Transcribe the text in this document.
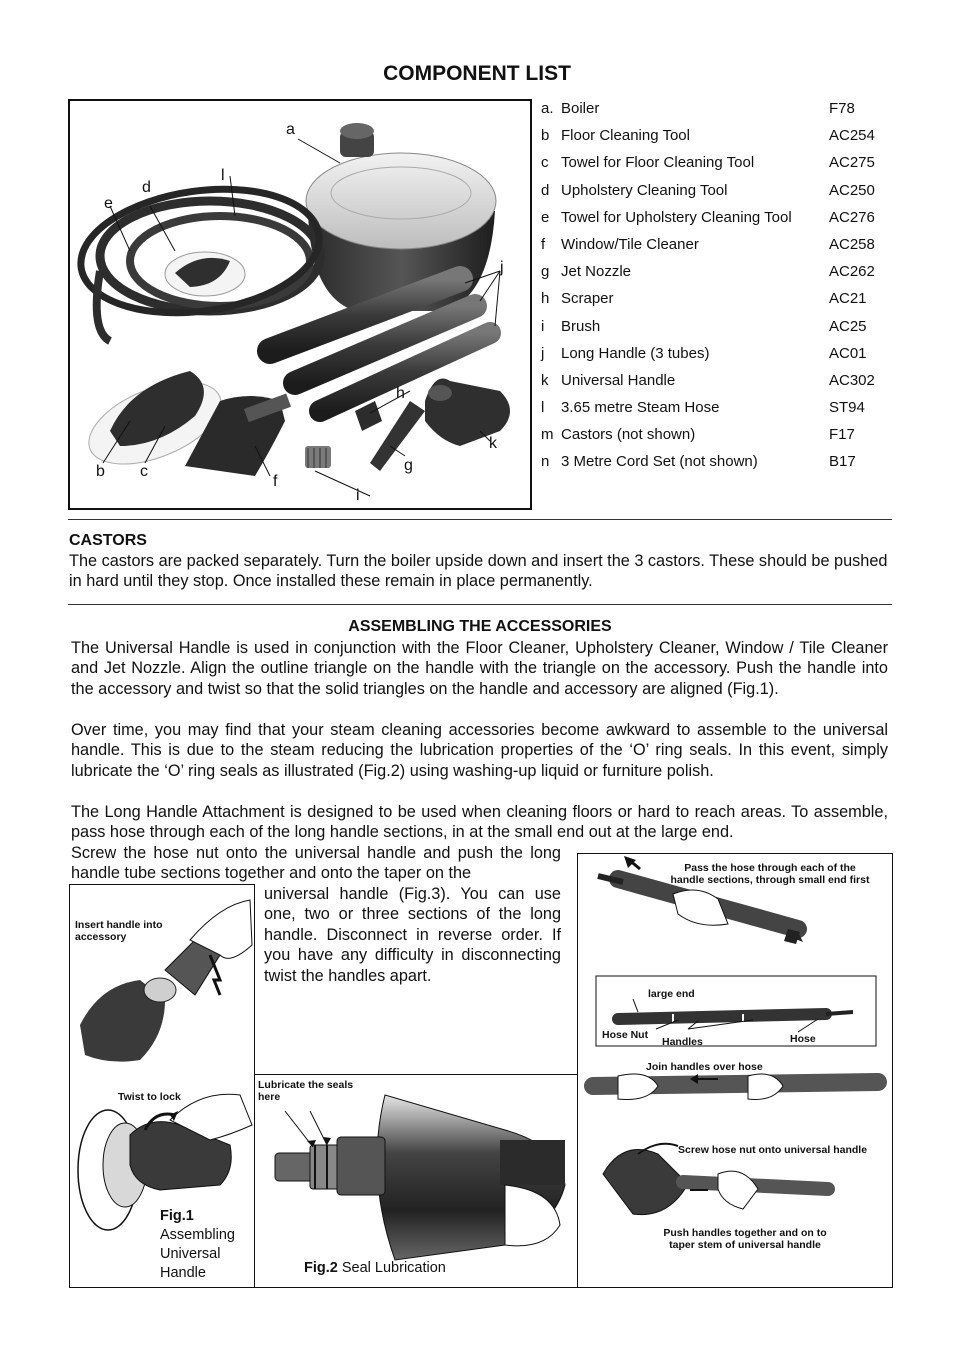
COMPONENT LIST
a
b c
d
e
f
g
h
i
j
k
l
a. Boiler	F78
b Floor Cleaning Tool	AC254
c Towel for Floor Cleaning Tool	AC275
d Upholstery Cleaning Tool	AC250
e Towel for Upholstery Cleaning Tool AC276
f Window/Tile Cleaner	AC258
g Jet Nozzle	AC262
h Scraper	AC21
i Brush	AC25
j Long Handle (3 tubes)	AC01
k Universal Handle	AC302
l 3.65 metre Steam Hose	ST94
m Castors (not shown)	F17
n 3 Metre Cord Set (not shown)	B17
CASTORS
The castors are packed separately. Turn the boiler upside down and insert the 3 castors. These should be pushed in hard until they stop. Once installed these remain in place permanently.
ASSEMBLING THE ACCESSORIES
The Universal Handle is used in conjunction with the Floor Cleaner, Upholstery Cleaner, Window / Tile Cleaner and Jet Nozzle. Align the outline triangle on the handle with the triangle on the accessory. Push the handle into the accessory and twist so that the solid triangles on the handle and accessory are aligned (Fig.1).
Over time, you may find that your steam cleaning accessories become awkward to assemble to the universal handle. This is due to the steam reducing the lubrication properties of the ‘O’ ring seals. In this event, simply lubricate the ‘O’ ring seals as illustrated (Fig.2) using washing-up liquid or furniture polish.
The Long Handle Attachment is designed to be used when cleaning floors or hard to reach areas. To assemble, pass hose through each of the long handle sections, in at the small end out at the large end.
Screw the hose nut onto the universal handle and push the long handle tube sections together and onto the taper on the
universal handle (Fig.3). You can use one, two or three sections of the long handle. Disconnect in reverse order. If you have any difficulty in disconnecting twist the handles apart.
Insert handle into accessory
Twist to lock
Fig.1
Assembling Universal Handle
Lubricate the seals here
Fig.2 Seal Lubrication
Pass the hose through each of the handle sections, through small end first
large end
Hose Nut
Handles	Hose
Join handles over hose
Screw hose nut onto universal handle
Push handles together and on to taper stem of universal handle
